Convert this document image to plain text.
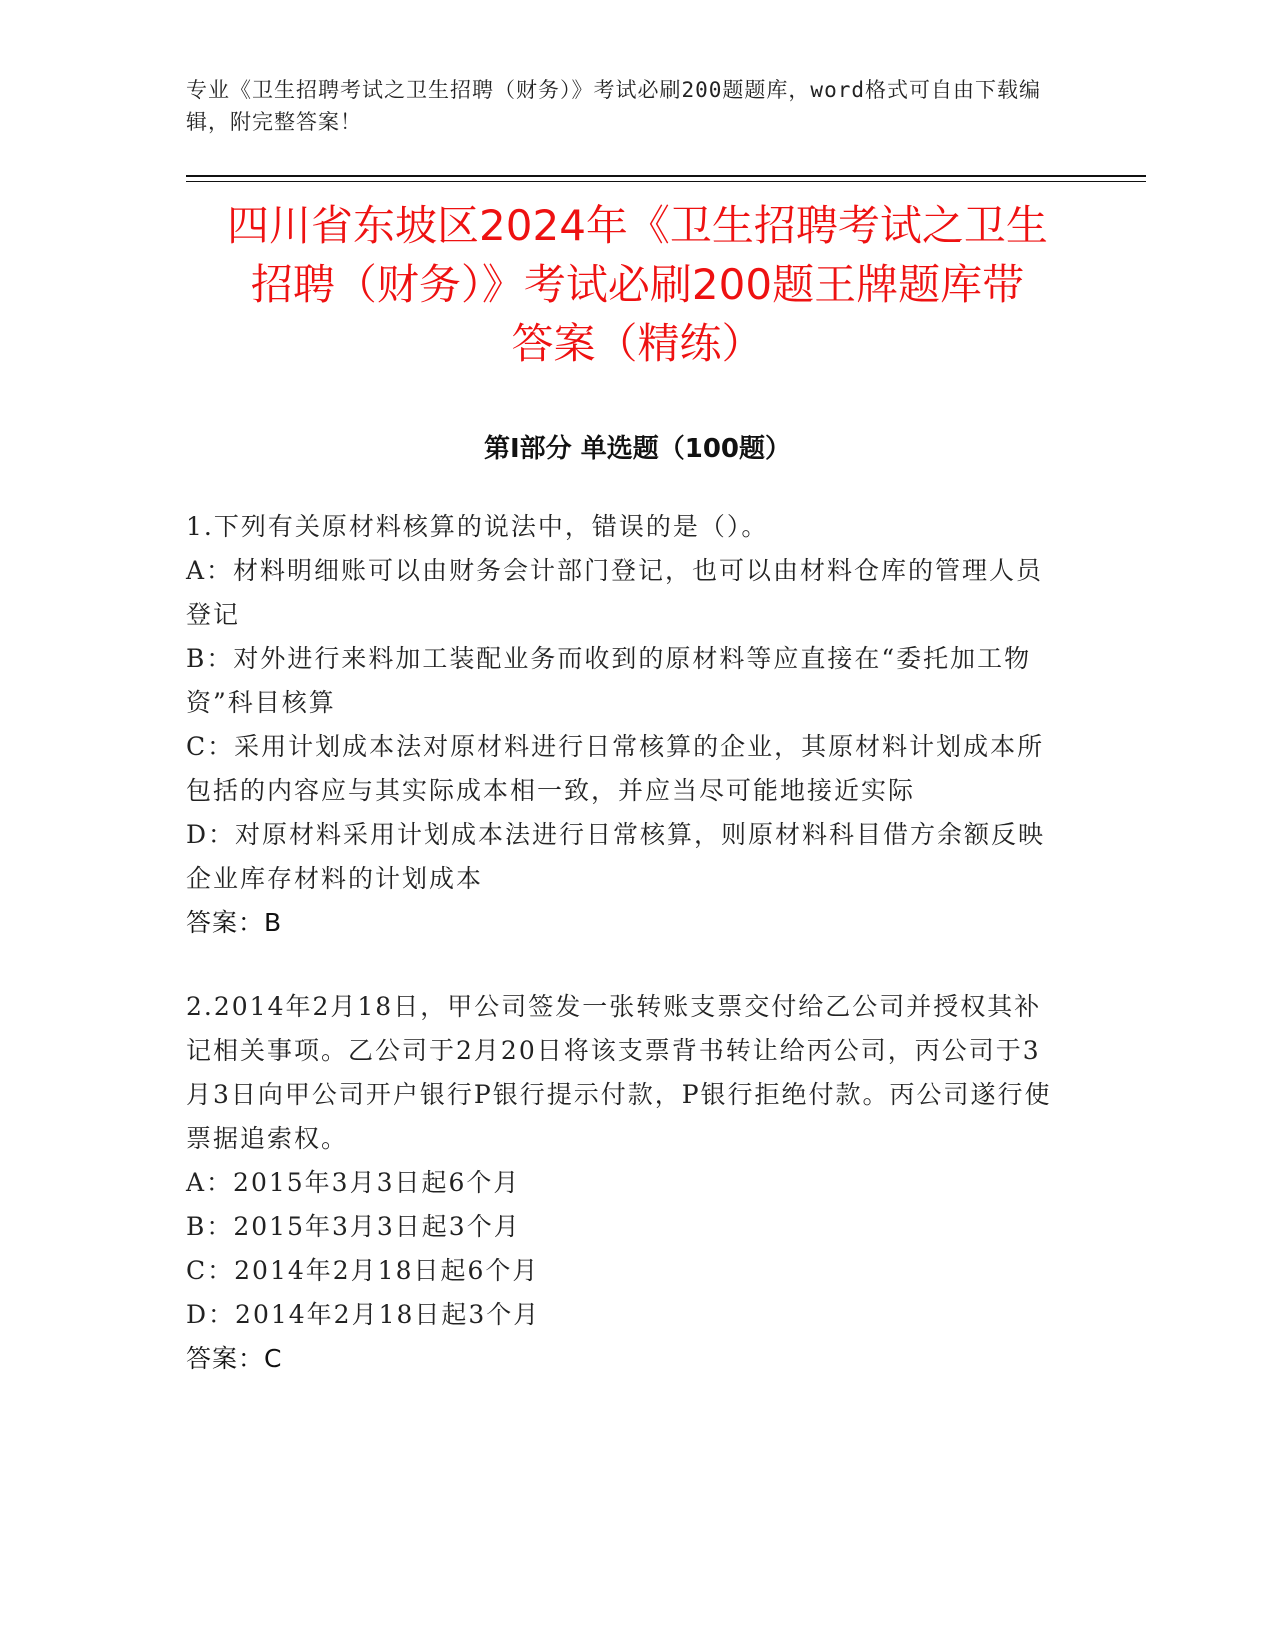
专业《卫生招聘考试之卫生招聘（财务）》考试必刷200题题库，word格式可自由下载编辑，附完整答案！
四川省东坡区2024年《卫生招聘考试之卫生
招聘（财务）》考试必刷200题王牌题库带
答案（精练）
第Ⅰ部分 单选题（100题）

1.下列有关原材料核算的说法中，错误的是（）。

A：材料明细账可以由财务会计部门登记，也可以由材料仓库的管理人员登记

B：对外进行来料加工装配业务而收到的原材料等应直接在“委托加工物资”科目核算

C：采用计划成本法对原材料进行日常核算的企业，其原材料计划成本所包括的内容应与其实际成本相一致，并应当尽可能地接近实际

D：对原材料采用计划成本法进行日常核算，则原材料科目借方余额反映企业库存材料的计划成本

答案：B

2.2014年2月18日，甲公司签发一张转账支票交付给乙公司并授权其补记相关事项。乙公司于2月20日将该支票背书转让给丙公司，丙公司于3月3日向甲公司开户银行P银行提示付款，P银行拒绝付款。丙公司遂行使票据追索权。

A：2015年3月3日起6个月

B：2015年3月3日起3个月

C：2014年2月18日起6个月

D：2014年2月18日起3个月

答案：C
